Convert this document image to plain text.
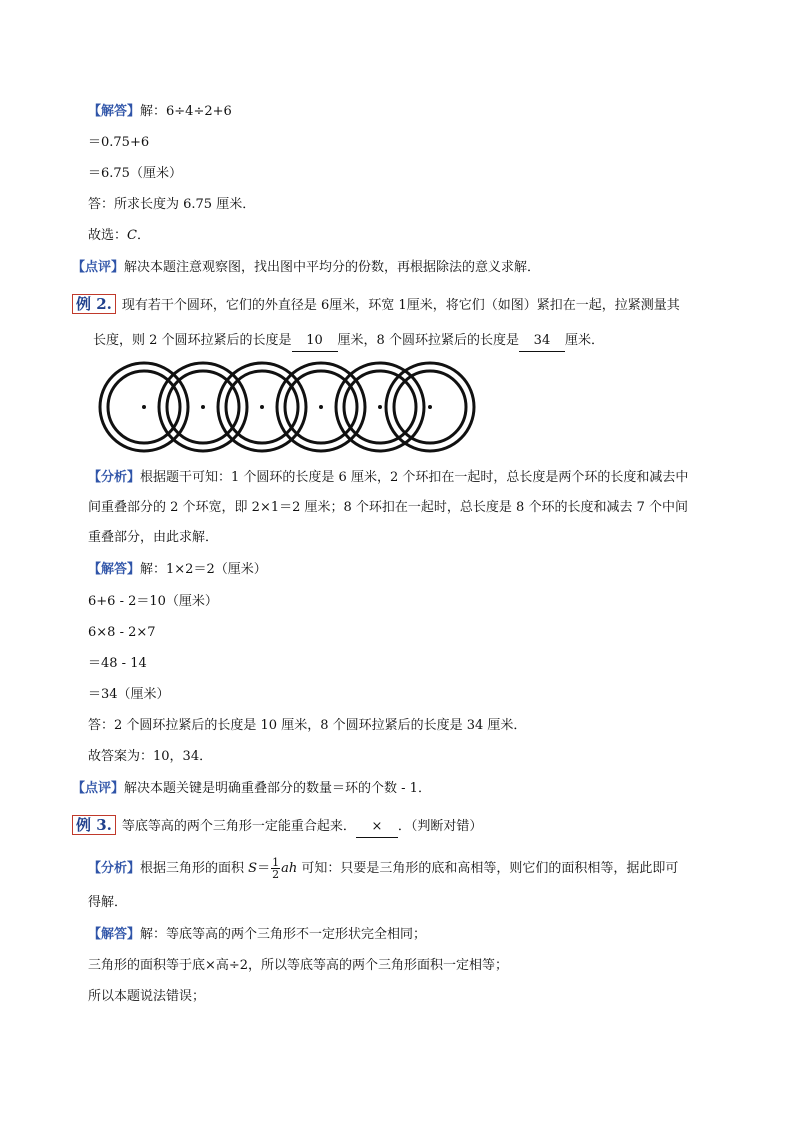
【解答】解：6÷4÷2+6
＝0.75+6
＝6.75（厘米）
答：所求长度为 6.75 厘米．
故选：C．
【点评】解决本题注意观察图，找出图中平均分的份数，再根据除法的意义求解．
例 2. 现有若干个圆环，它们的外直径是 6厘米，环宽 1厘米，将它们（如图）紧扣在一起，拉紧测量其
长度，则 2 个圆环拉紧后的长度是 10 厘米，8 个圆环拉紧后的长度是 34 厘米．
【分析】根据题干可知：1 个圆环的长度是 6 厘米，2 个环扣在一起时，总长度是两个环的长度和减去中
间重叠部分的 2 个环宽，即 2×1＝2 厘米；8 个环扣在一起时，总长度是 8 个环的长度和减去 7 个中间
重叠部分，由此求解．
【解答】解：1×2＝2（厘米）
6+6 - 2＝10（厘米）
6×8 - 2×7
＝48 - 14
＝34（厘米）
答：2 个圆环拉紧后的长度是 10 厘米，8 个圆环拉紧后的长度是 34 厘米．
故答案为：10，34．
【点评】解决本题关键是明确重叠部分的数量＝环的个数 - 1．
例 3. 等底等高的两个三角形一定能重合起来． × ．（判断对错）
【分析】根据三角形的面积 $S= \frac{1}{2}$ ah 可知：只要是三角形的底和高相等，则它们的面积相等，据此即可
得解．
【解答】解：等底等高的两个三角形不一定形状完全相同；
三角形的面积等于底×高÷2，所以等底等高的两个三角形面积一定相等；
所以本题说法错误；
